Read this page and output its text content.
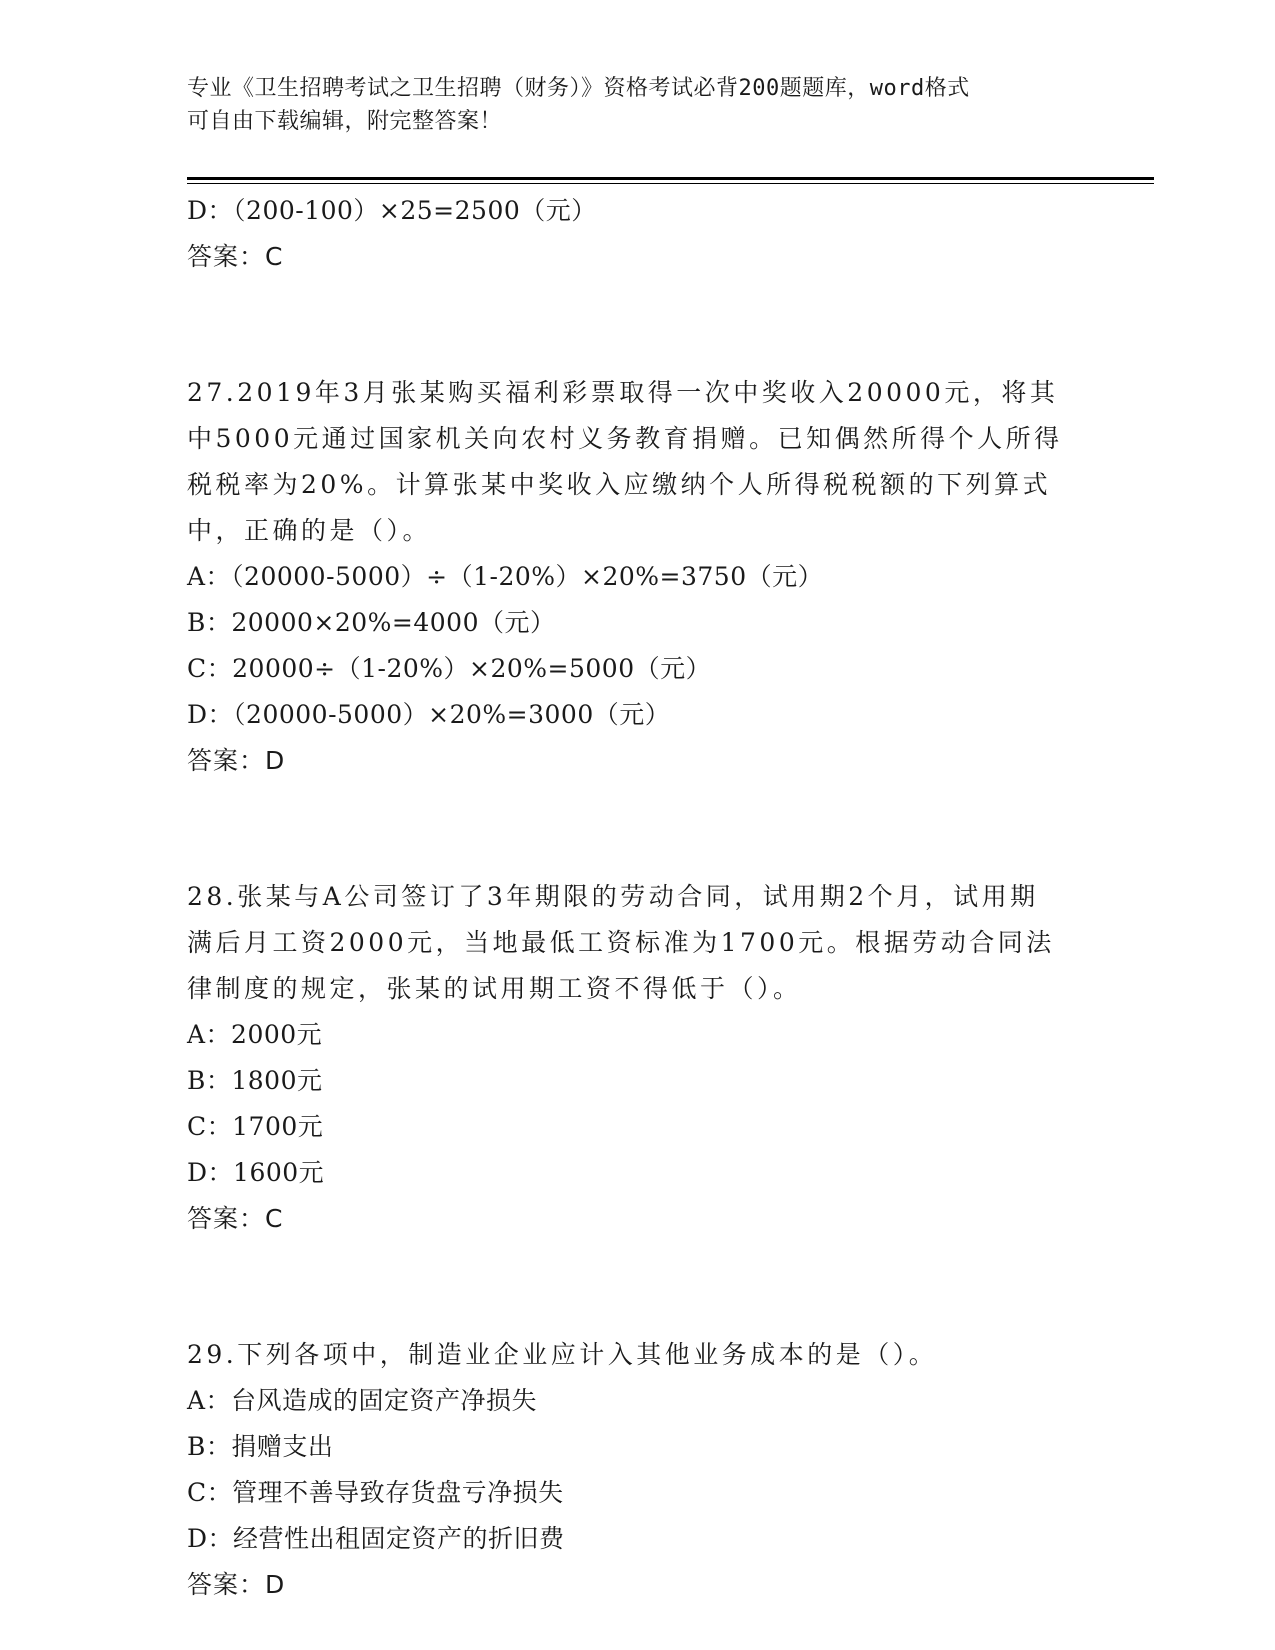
专业《卫生招聘考试之卫生招聘（财务）》资格考试必背200题题库，word格式
可自由下载编辑，附完整答案！
D：（200-100）×25=2500（元）
答案：C
27.2019年3月张某购买福利彩票取得一次中奖收入20000元，将其中5000元通过国家机关向农村义务教育捐赠。已知偶然所得个人所得税税率为20%。计算张某中奖收入应缴纳个人所得税税额的下列算式中，正确的是（）。
A：（20000-5000）÷（1-20%）×20%=3750（元）
B：20000×20%=4000（元）
C：20000÷（1-20%）×20%=5000（元）
D：（20000-5000）×20%=3000（元）
答案：D
28.张某与A公司签订了3年期限的劳动合同，试用期2个月，试用期满后月工资2000元，当地最低工资标准为1700元。根据劳动合同法律制度的规定，张某的试用期工资不得低于（）。
A：2000元
B：1800元
C：1700元
D：1600元
答案：C
29.下列各项中，制造业企业应计入其他业务成本的是（）。
A：台风造成的固定资产净损失
B：捐赠支出
C：管理不善导致存货盘亏净损失
D：经营性出租固定资产的折旧费
答案：D
